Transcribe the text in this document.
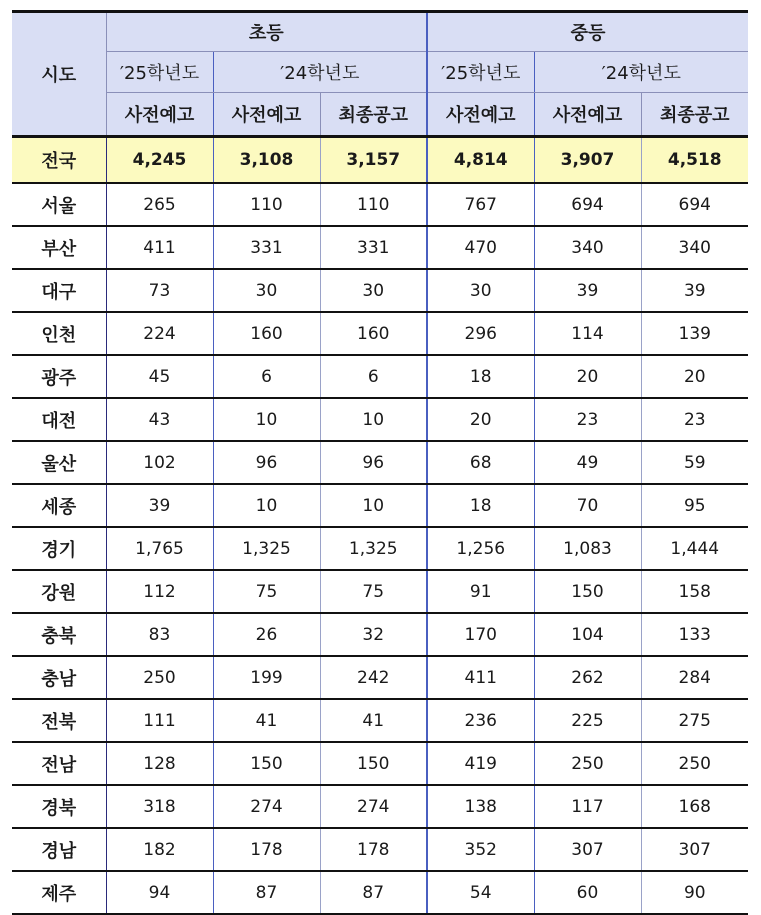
시도	초등			중등		
	′25학년도	′24학년도		′25학년도	′24학년도	
	사전예고	사전예고	최종공고	사전예고	사전예고	최종공고
전국	4,245	3,108	3,157	4,814	3,907	4,518
서울	265	110	110	767	694	694
부산	411	331	331	470	340	340
대구	73	30	30	30	39	39
인천	224	160	160	296	114	139
광주	45	6	6	18	20	20
대전	43	10	10	20	23	23
울산	102	96	96	68	49	59
세종	39	10	10	18	70	95
경기	1,765	1,325	1,325	1,256	1,083	1,444
강원	112	75	75	91	150	158
충북	83	26	32	170	104	133
충남	250	199	242	411	262	284
전북	111	41	41	236	225	275
전남	128	150	150	419	250	250
경북	318	274	274	138	117	168
경남	182	178	178	352	307	307
제주	94	87	87	54	60	90
